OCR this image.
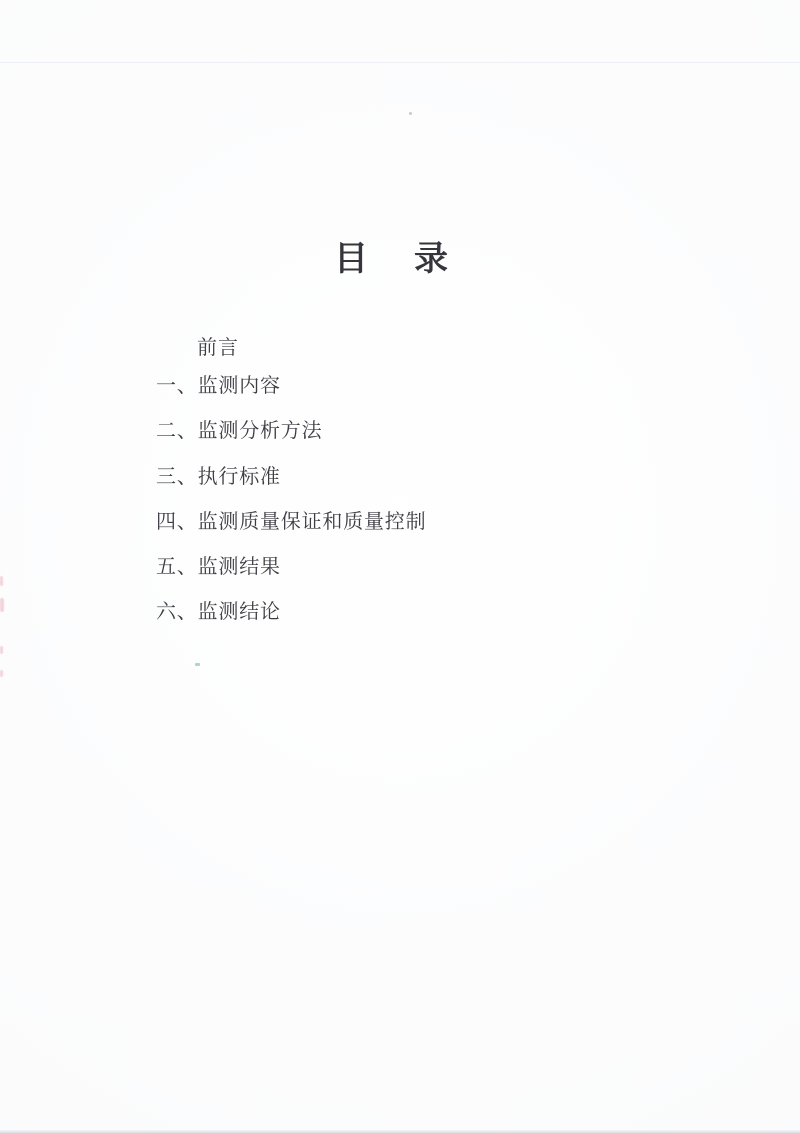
目 录
前言
一、监测内容
二、监测分析方法
三、执行标准
四、监测质量保证和质量控制
五、监测结果
六、监测结论
